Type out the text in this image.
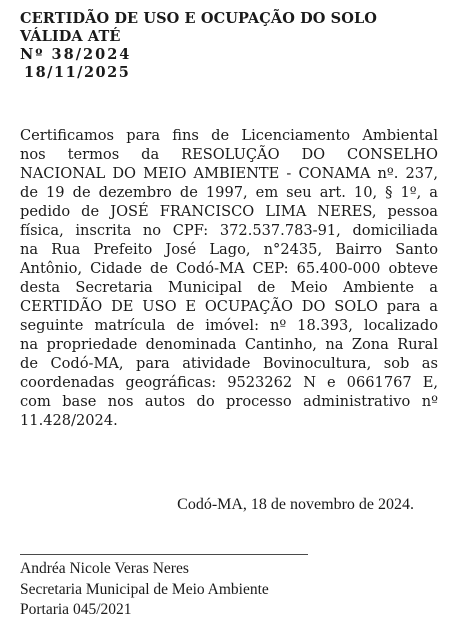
CERTIDÃO DE USO E OCUPAÇÃO DO SOLO
VÁLIDA ATÉ
Nº 38/2024
18/11/2025
Certificamos para fins de Licenciamento Ambiental
nos termos da RESOLUÇÃO DO CONSELHO
NACIONAL DO MEIO AMBIENTE - CONAMA nº. 237,
de 19 de dezembro de 1997, em seu art. 10, § 1º, a
pedido de JOSÉ FRANCISCO LIMA NERES, pessoa
física, inscrita no CPF: 372.537.783-91, domiciliada
na Rua Prefeito José Lago, n°2435, Bairro Santo
Antônio, Cidade de Codó-MA CEP: 65.400-000 obteve
desta Secretaria Municipal de Meio Ambiente a
CERTIDÃO DE USO E OCUPAÇÃO DO SOLO para a
seguinte matrícula de imóvel: nº 18.393, localizado
na propriedade denominada Cantinho, na Zona Rural
de Codó-MA, para atividade Bovinocultura, sob as
coordenadas geográficas: 9523262 N e 0661767 E,
com base nos autos do processo administrativo nº
11.428/2024.
Codó-MA, 18 de novembro de 2024.
Andréa Nicole Veras Neres
Secretaria Municipal de Meio Ambiente
Portaria 045/2021
